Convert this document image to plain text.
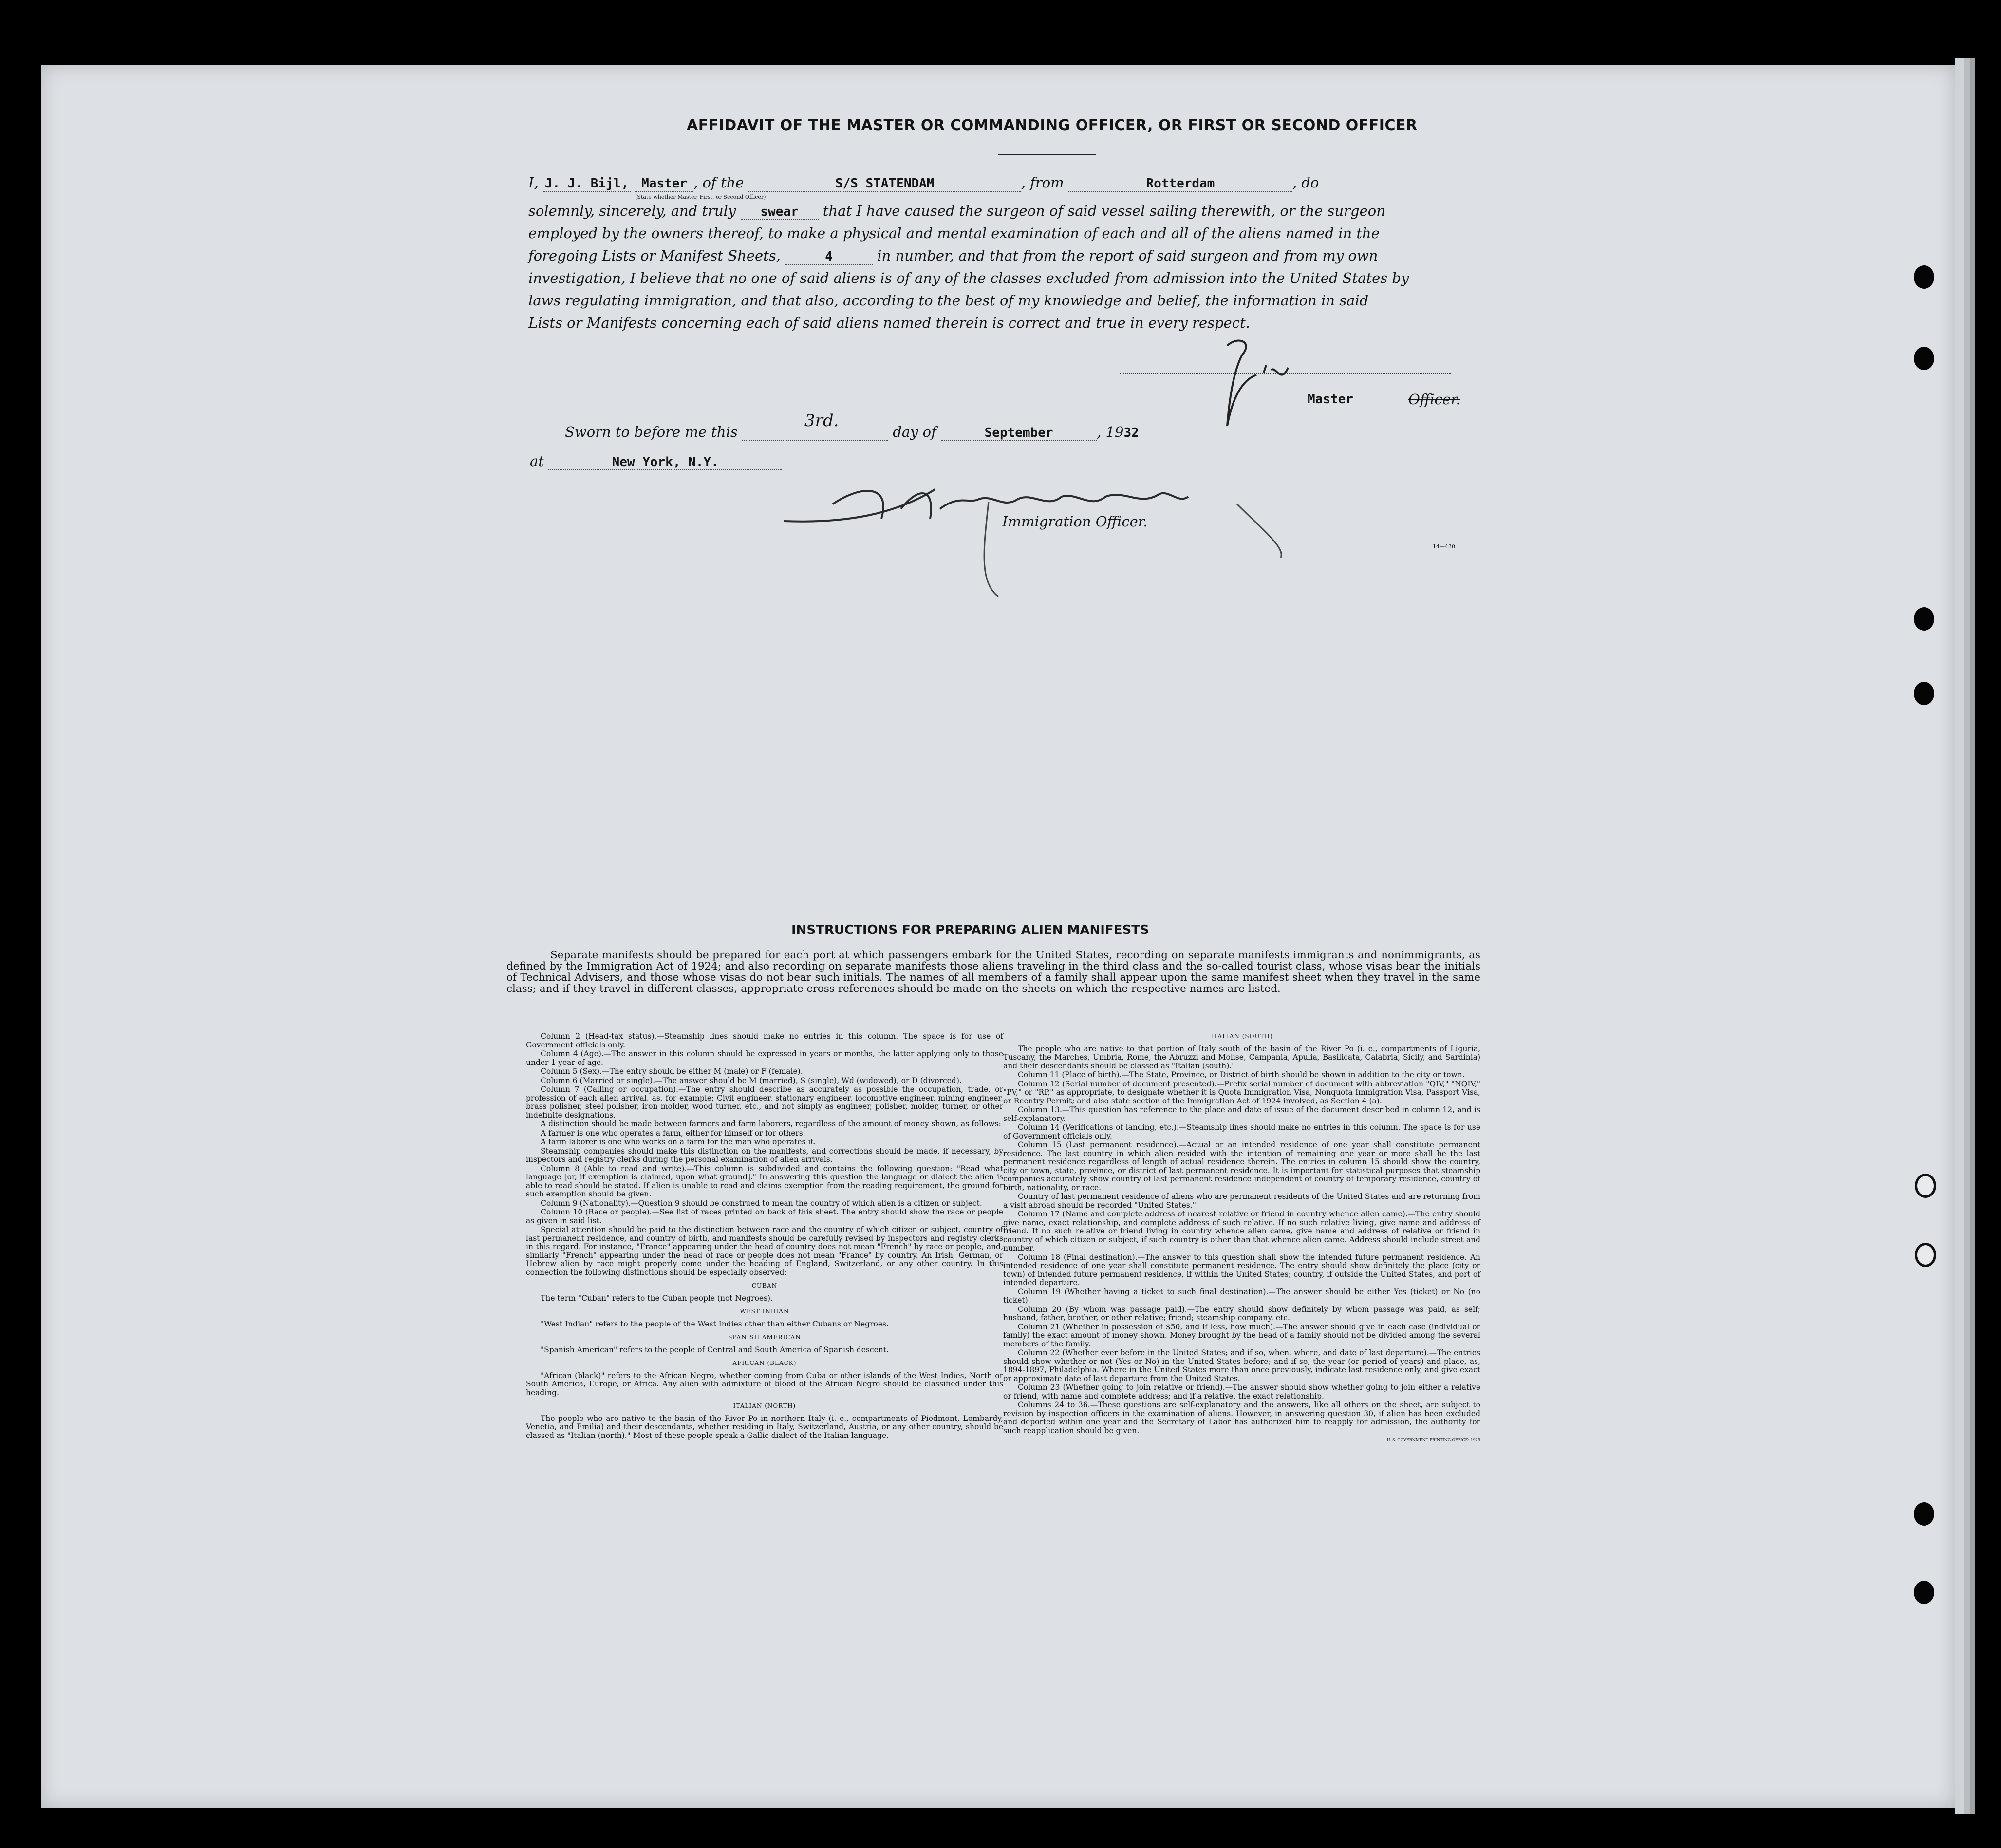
AFFIDAVIT OF THE MASTER OR COMMANDING OFFICER, OR FIRST OR SECOND OFFICER
I, J. J. Bijl, Master
(State whether Master, First, or Second Officer)
, of the	S/S STATENDAM	, from	Rotterdam	, do
solemnly, sincerely, and truly swear that I have caused the surgeon of said vessel sailing therewith, or the surgeon
employed by the owners thereof, to make a physical and mental examination of each and all of the aliens named in the
foregoing Lists or Manifest Sheets,	4	in number, and that from the report of said surgeon and from my own
investigation, I believe that no one of said aliens is of any of the classes excluded from admission into the United States by
laws regulating immigration, and that also, according to the best of my knowledge and belief, the information in said
Lists or Manifests concerning each of said aliens named therein is correct and true in every respect.
Master	Officer.
Sworn to before me this
3rd.
day of	September	, 1932
at	New York, N.Y.
Immigration Officer.
14—430
INSTRUCTIONS FOR PREPARING ALIEN MANIFESTS
Separate manifests should be prepared for each port at which passengers embark for the United States, recording on separate manifests immigrants and nonimmigrants, as defined by the Immigration Act of 1924; and also recording on separate manifests those aliens traveling in the third class and the so-called tourist class, whose visas bear the initials of Technical Advisers, and those whose visas do not bear such initials. The names of all members of a family shall appear upon the same manifest sheet when they travel in the same class; and if they travel in different classes, appropriate cross references should be made on the sheets on which the respective names are listed.

Column 2 (Head-tax status).—Steamship lines should make no entries in this column. The space is for use of Government officials only.

Column 4 (Age).—The answer in this column should be expressed in years or months, the latter applying only to those under 1 year of age.

Column 5 (Sex).—The entry should be either M (male) or F (female).

Column 6 (Married or single).—The answer should be M (married), S (single), Wd (widowed), or D (divorced).

Column 7 (Calling or occupation).—The entry should describe as accurately as possible the occupation, trade, or profession of each alien arrival, as, for example: Civil engineer, stationary engineer, locomotive engineer, mining engineer, brass polisher, steel polisher, iron molder, wood turner, etc., and not simply as engineer, polisher, molder, turner, or other indefinite designations.

A distinction should be made between farmers and farm laborers, regardless of the amount of money shown, as follows:

A farmer is one who operates a farm, either for himself or for others.

A farm laborer is one who works on a farm for the man who operates it.

Steamship companies should make this distinction on the manifests, and corrections should be made, if necessary, by inspectors and registry clerks during the personal examination of alien arrivals.

Column 8 (Able to read and write).—This column is subdivided and contains the following question: "Read what language [or, if exemption is claimed, upon what ground]." In answering this question the language or dialect the alien is able to read should be stated. If alien is unable to read and claims exemption from the reading requirement, the ground for such exemption should be given.

Column 9 (Nationality).—Question 9 should be construed to mean the country of which alien is a citizen or subject.

Column 10 (Race or people).—See list of races printed on back of this sheet. The entry should show the race or people as given in said list.

Special attention should be paid to the distinction between race and the country of which citizen or subject, country of last permanent residence, and country of birth, and manifests should be carefully revised by inspectors and registry clerks in this regard. For instance, "France" appearing under the head of country does not mean "French" by race or people, and, similarly "French" appearing under the head of race or people does not mean "France" by country. An Irish, German, or Hebrew alien by race might properly come under the heading of England, Switzerland, or any other country. In this connection the following distinctions should be especially observed:

CUBAN

The term "Cuban" refers to the Cuban people (not Negroes).

WEST INDIAN

"West Indian" refers to the people of the West Indies other than either Cubans or Negroes.

SPANISH AMERICAN

"Spanish American" refers to the people of Central and South America of Spanish descent.

AFRICAN (BLACK)

"African (black)" refers to the African Negro, whether coming from Cuba or other islands of the West Indies, North or South America, Europe, or Africa. Any alien with admixture of blood of the African Negro should be classified under this heading.

ITALIAN (NORTH)

The people who are native to the basin of the River Po in northern Italy (i. e., compartments of Piedmont, Lombardy, Venetia, and Emilia) and their descendants, whether residing in Italy, Switzerland, Austria, or any other country, should be classed as "Italian (north)." Most of these people speak a Gallic dialect of the Italian language.

ITALIAN (SOUTH)

The people who are native to that portion of Italy south of the basin of the River Po (i. e., compartments of Liguria, Tuscany, the Marches, Umbria, Rome, the Abruzzi and Molise, Campania, Apulia, Basilicata, Calabria, Sicily, and Sardinia) and their descendants should be classed as "Italian (south)."

Column 11 (Place of birth).—The State, Province, or District of birth should be shown in addition to the city or town.

Column 12 (Serial number of document presented).—Prefix serial number of document with abbreviation "QIV," "NQIV," "PV," or "RP," as appropriate, to designate whether it is Quota Immigration Visa, Nonquota Immigration Visa, Passport Visa, or Reentry Permit; and also state section of the Immigration Act of 1924 involved, as Section 4 (a).

Column 13.—This question has reference to the place and date of issue of the document described in column 12, and is self-explanatory.

Column 14 (Verifications of landing, etc.).—Steamship lines should make no entries in this column. The space is for use of Government officials only.

Column 15 (Last permanent residence).—Actual or an intended residence of one year shall constitute permanent residence. The last country in which alien resided with the intention of remaining one year or more shall be the last permanent residence regardless of length of actual residence therein. The entries in column 15 should show the country, city or town, state, province, or district of last permanent residence. It is important for statistical purposes that steamship companies accurately show country of last permanent residence independent of country of temporary residence, country of birth, nationality, or race.

Country of last permanent residence of aliens who are permanent residents of the United States and are returning from a visit abroad should be recorded "United States."

Column 17 (Name and complete address of nearest relative or friend in country whence alien came).—The entry should give name, exact relationship, and complete address of such relative. If no such relative living, give name and address of friend. If no such relative or friend living in country whence alien came, give name and address of relative or friend in country of which citizen or subject, if such country is other than that whence alien came. Address should include street and number.

Column 18 (Final destination).—The answer to this question shall show the intended future permanent residence. An intended residence of one year shall constitute permanent residence. The entry should show definitely the place (city or town) of intended future permanent residence, if within the United States; country, if outside the United States, and port of intended departure.

Column 19 (Whether having a ticket to such final destination).—The answer should be either Yes (ticket) or No (no ticket).

Column 20 (By whom was passage paid).—The entry should show definitely by whom passage was paid, as self; husband, father, brother, or other relative; friend; steamship company, etc.

Column 21 (Whether in possession of $50, and if less, how much).—The answer should give in each case (individual or family) the exact amount of money shown. Money brought by the head of a family should not be divided among the several members of the family.

Column 22 (Whether ever before in the United States; and if so, when, where, and date of last departure).—The entries should show whether or not (Yes or No) in the United States before; and if so, the year (or period of years) and place, as, 1894-1897, Philadelphia. Where in the United States more than once previously, indicate last residence only, and give exact or approximate date of last departure from the United States.

Column 23 (Whether going to join relative or friend).—The answer should show whether going to join either a relative or friend, with name and complete address; and if a relative, the exact relationship.

Columns 24 to 36.—These questions are self-explanatory and the answers, like all others on the sheet, are subject to revision by inspection officers in the examination of aliens. However, in answering question 30, if alien has been excluded and deported within one year and the Secretary of Labor has authorized him to reapply for admission, the authority for such reapplication should be given.

U. S. GOVERNMENT PRINTING OFFICE: 1929
